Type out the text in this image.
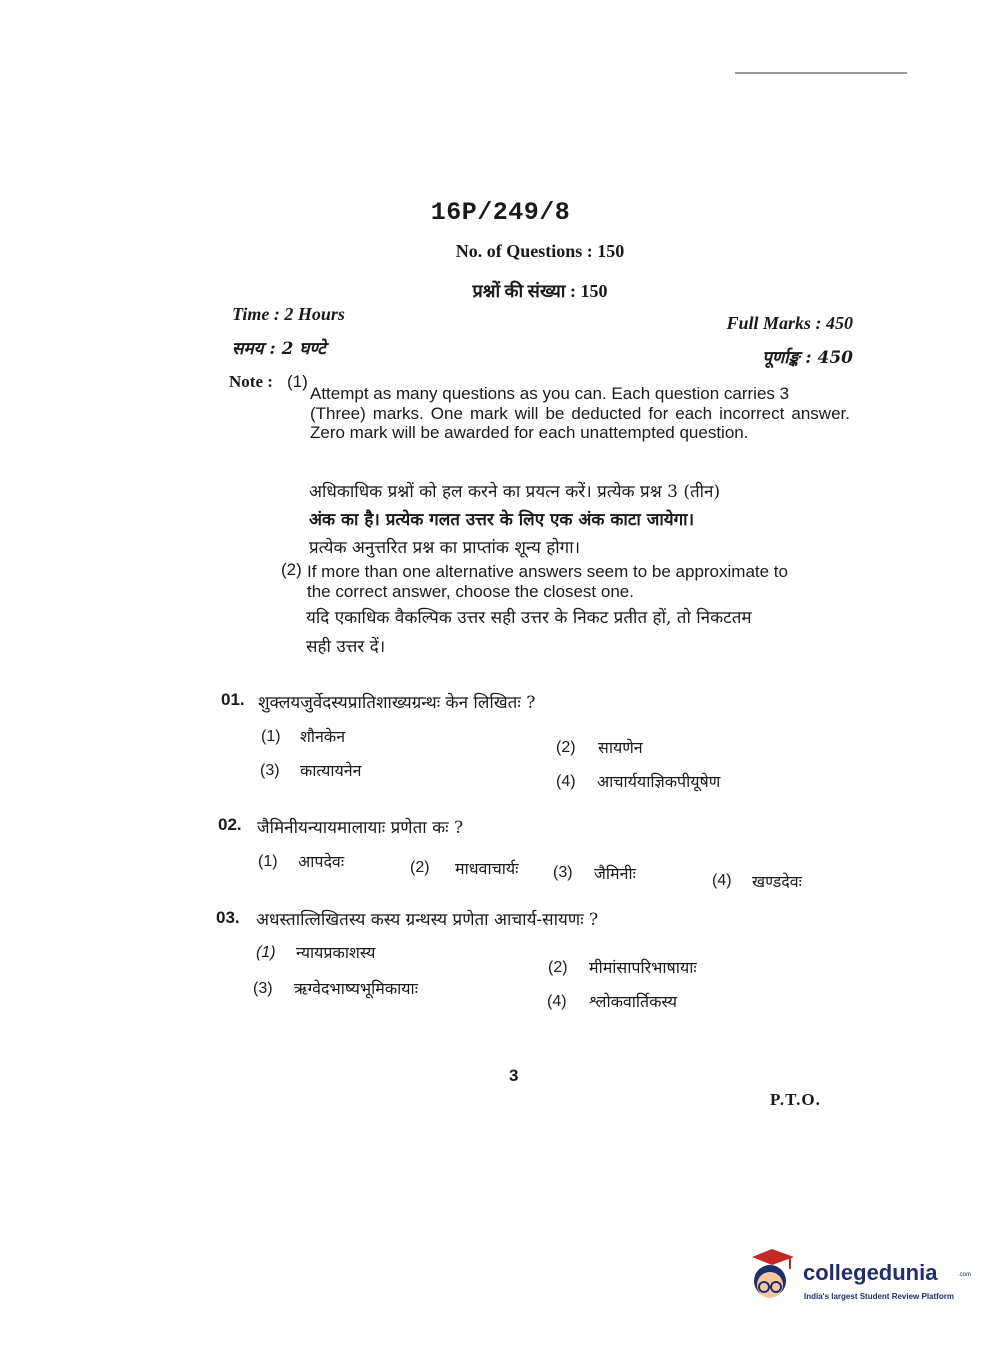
16P/249/8
No. of Questions : 150
प्रश्नों की संख्या : 150
Time : 2 Hours
समय : 2 घण्टे
Full Marks : 450
पूर्णाङ्क : 450
Note : (1)
Attempt as many questions as you can. Each question carries 3
(Three) marks. One mark will be deducted for each incorrect answer. Zero mark will be awarded for each unattempted question.
अधिकाधिक प्रश्नों को हल करने का प्रयत्न करें। प्रत्येक प्रश्न 3 (तीन)
अंक का है। प्रत्येक गलत उत्तर के लिए एक अंक काटा जायेगा।
प्रत्येक अनुत्तरित प्रश्न का प्राप्तांक शून्य होगा।
(2) If more than one alternative answers seem to be approximate to
the correct answer, choose the closest one.
यदि एकाधिक वैकल्पिक उत्तर सही उत्तर के निकट प्रतीत हों, तो निकटतम
सही उत्तर दें।
01. शुक्लयजुर्वेदस्यप्रातिशाख्यग्रन्थः केन लिखितः ?
(1) शौनकेन
(2) सायणेन
(3) कात्यायनेन
(4) आचार्ययाज्ञिकपीयूषेण
02. जैमिनीयन्यायमालायाः प्रणेता कः ?
(1) आपदेवः	(2) माधवाचार्यः (3) जैमिनीः	(4) खण्डदेवः
03. अधस्तात्लिखितस्य कस्य ग्रन्थस्य प्रणेता आचार्य-सायणः ?
(1) न्यायप्रकाशस्य
(2) मीमांसापरिभाषायाः
(3) ऋग्वेदभाष्यभूमिकायाः
(4) श्लोकवार्तिकस्य
3
P.T.O.
collegedunia	.com
India's largest Student Review Platform
